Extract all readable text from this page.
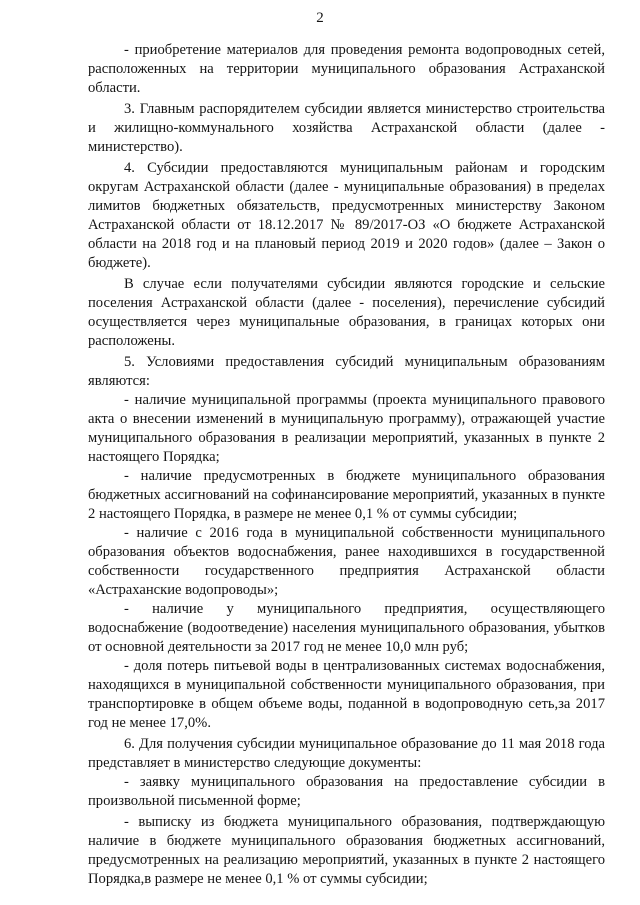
2

- приобретение материалов для проведения ремонта водопроводных сетей, расположенных на территории муниципального образования Астраханской области.

3. Главным распорядителем субсидии является министерство строительства и жилищно-коммунального хозяйства Астраханской области (далее - министерство).

4. Субсидии предоставляются муниципальным районам и городским округам Астраханской области (далее - муниципальные образования) в пределах лимитов бюджетных обязательств, предусмотренных министерству Законом Астраханской области от 18.12.2017 № 89/2017-ОЗ «О бюджете Астраханской области на 2018 год и на плановый период 2019 и 2020 годов» (далее – Закон о бюджете).

В случае если получателями субсидии являются городские и сельские поселения Астраханской области (далее - поселения), перечисление субсидий осуществляется через муниципальные образования, в границах которых они расположены.

5. Условиями предоставления субсидий муниципальным образованиям являются:

- наличие муниципальной программы (проекта муниципального правового акта о внесении изменений в муниципальную программу), отражающей участие муниципального образования в реализации мероприятий, указанных в пункте 2 настоящего Порядка;

- наличие предусмотренных в бюджете муниципального образования бюджетных ассигнований на софинансирование мероприятий, указанных в пункте 2 настоящего Порядка, в размере не менее 0,1 % от суммы субсидии;

- наличие с 2016 года в муниципальной собственности муниципального образования объектов водоснабжения, ранее находившихся в государственной собственности государственного предприятия Астраханской области «Астраханские водопроводы»;

- наличие у муниципального предприятия, осуществляющего водоснабжение (водоотведение) населения муниципального образования, убытков от основной деятельности за 2017 год не менее 10,0 млн руб;

- доля потерь питьевой воды в централизованных системах водоснабжения, находящихся в муниципальной собственности муниципального образования, при транспортировке в общем объеме воды, поданной в водопроводную сеть,за 2017 год не менее 17,0%.

6. Для получения субсидии муниципальное образование до 11 мая 2018 года представляет в министерство следующие документы:

- заявку муниципального образования на предоставление субсидии в произвольной письменной форме;

- выписку из бюджета муниципального образования, подтверждающую наличие в бюджете муниципального образования бюджетных ассигнований, предусмотренных на реализацию мероприятий, указанных в пункте 2 настоящего Порядка,в размере не менее 0,1 % от суммы субсидии;
